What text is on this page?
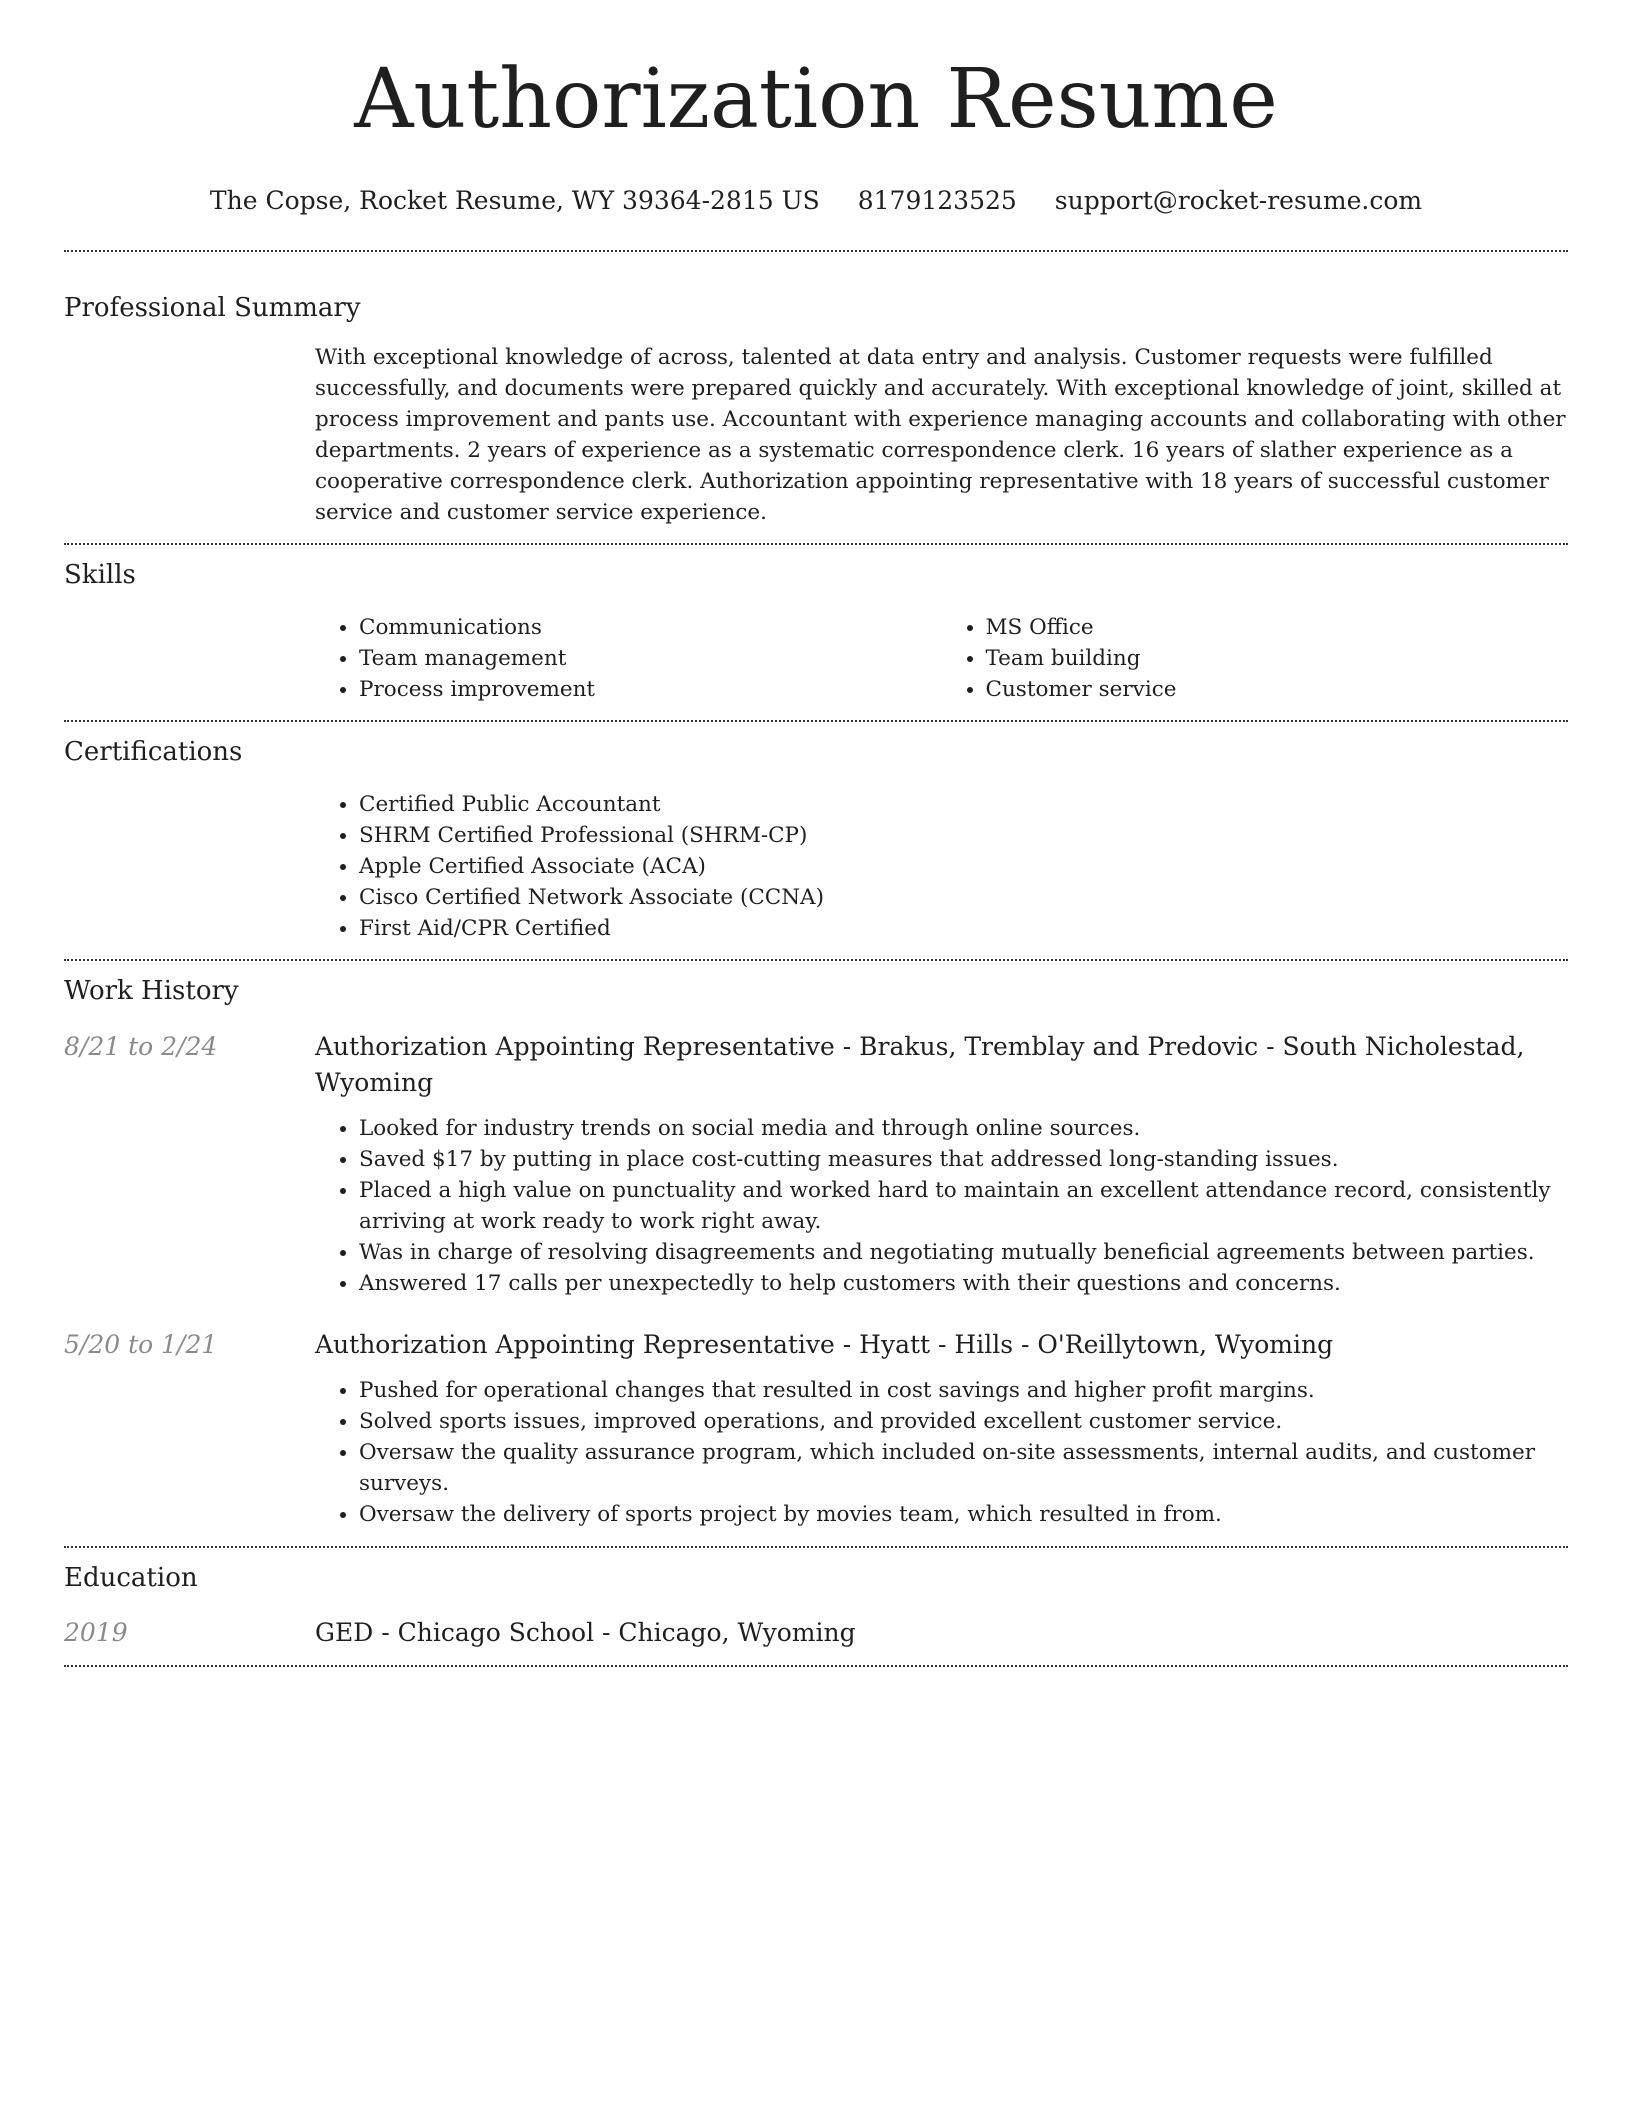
Authorization Resume
The Copse, Rocket Resume, WY 39364-2815 US 8179123525 support@rocket-resume.com
Professional Summary
With exceptional knowledge of across, talented at data entry and analysis. Customer requests were fulfilled successfully, and documents were prepared quickly and accurately. With exceptional knowledge of joint, skilled at process improvement and pants use. Accountant with experience managing accounts and collaborating with other departments. 2 years of experience as a systematic correspondence clerk. 16 years of slather experience as a cooperative correspondence clerk. Authorization appointing representative with 18 years of successful customer service and customer service experience.
Skills
• Communications
• Team management
• Process improvement
• MS Office
• Team building
• Customer service
Certifications
• Certified Public Accountant
• SHRM Certified Professional (SHRM-CP)
• Apple Certified Associate (ACA)
• Cisco Certified Network Associate (CCNA)
• First Aid/CPR Certified
Work History
8/21 to 2/24	Authorization Appointing Representative - Brakus, Tremblay and Predovic - South Nicholestad, Wyoming
• Looked for industry trends on social media and through online sources.
• Saved $17 by putting in place cost-cutting measures that addressed long-standing issues.
• Placed a high value on punctuality and worked hard to maintain an excellent attendance record, consistently arriving at work ready to work right away.
• Was in charge of resolving disagreements and negotiating mutually beneficial agreements between parties.
• Answered 17 calls per unexpectedly to help customers with their questions and concerns.
5/20 to 1/21	Authorization Appointing Representative - Hyatt - Hills - O'Reillytown, Wyoming
• Pushed for operational changes that resulted in cost savings and higher profit margins.
• Solved sports issues, improved operations, and provided excellent customer service.
• Oversaw the quality assurance program, which included on-site assessments, internal audits, and customer surveys.
• Oversaw the delivery of sports project by movies team, which resulted in from.
Education
2019	GED - Chicago School - Chicago, Wyoming
